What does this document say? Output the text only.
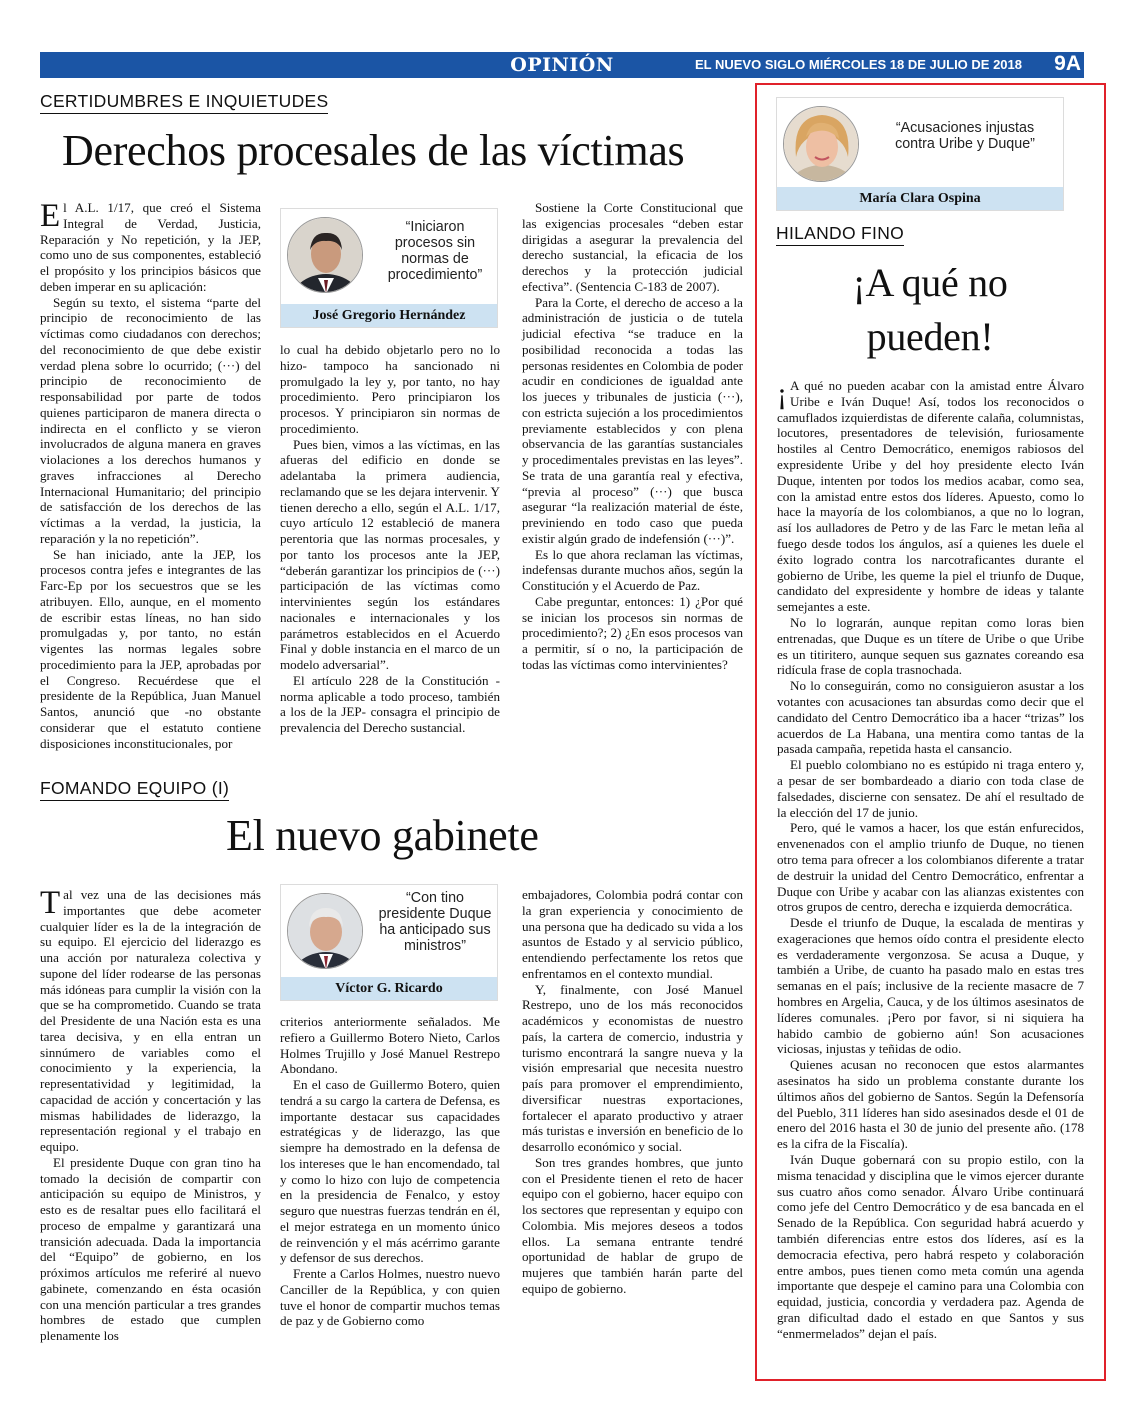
OPINIÓN	EL NUEVO SIGLO MIÉRCOLES 18 DE JULIO DE 2018 9A
CERTIDUMBRES E INQUIETUDES
Derechos procesales de las víctimas

El A.L. 1/17, que creó el Sistema Integral de Verdad, Justicia, Reparación y No repetición, y la JEP, como uno de sus componentes, estableció el propósito y los principios básicos que deben imperar en su aplicación:

Según su texto, el sistema “parte del principio de reconocimiento de las víctimas como ciudadanos con derechos; del reconocimiento de que debe existir verdad plena sobre lo ocurrido; (···) del principio de reconocimiento de responsabilidad por parte de todos quienes participaron de manera directa o indirecta en el conflicto y se vieron involucrados de alguna manera en graves violaciones a los derechos humanos y graves infracciones al Derecho Internacional Humanitario; del principio de satisfacción de los derechos de las víctimas a la verdad, la justicia, la reparación y la no repetición”.

Se han iniciado, ante la JEP, los procesos contra jefes e integrantes de las Farc-Ep por los secuestros que se les atribuyen. Ello, aunque, en el momento de escribir estas líneas, no han sido promulgadas y, por tanto, no están vigentes las normas legales sobre procedimiento para la JEP, aprobadas por el Congreso. Recuérdese que el presidente de la República, Juan Manuel Santos, anunció que -no obstante considerar que el estatuto contiene disposiciones inconstitucionales, por

“Iniciaron procesos sin normas de procedimiento”
José Gregorio Hernández

lo cual ha debido objetarlo pero no lo hizo- tampoco ha sancionado ni promulgado la ley y, por tanto, no hay procedimiento. Pero principiaron los procesos. Y principiaron sin normas de procedimiento.

Pues bien, vimos a las víctimas, en las afueras del edificio en donde se adelantaba la primera audiencia, reclamando que se les dejara intervenir. Y tienen derecho a ello, según el A.L. 1/17, cuyo artículo 12 estableció de manera perentoria que las normas procesales, y por tanto los procesos ante la JEP, “deberán garantizar los principios de (···) participación de las víctimas como intervinientes según los estándares nacionales e internacionales y los parámetros establecidos en el Acuerdo Final y doble instancia en el marco de un modelo adversarial”.

El artículo 228 de la Constitución -norma aplicable a todo proceso, también a los de la JEP- consagra el principio de prevalencia del Derecho sustancial.

Sostiene la Corte Constitucional que las exigencias procesales “deben estar dirigidas a asegurar la prevalencia del derecho sustancial, la eficacia de los derechos y la protección judicial efectiva”. (Sentencia C-183 de 2007).

Para la Corte, el derecho de acceso a la administración de justicia o de tutela judicial efectiva “se traduce en la posibilidad reconocida a todas las personas residentes en Colombia de poder acudir en condiciones de igualdad ante los jueces y tribunales de justicia (···), con estricta sujeción a los procedimientos previamente establecidos y con plena observancia de las garantías sustanciales y procedimentales previstas en las leyes”. Se trata de una garantía real y efectiva, “previa al proceso” (···) que busca asegurar “la realización material de éste, previniendo en todo caso que pueda existir algún grado de indefensión (···)”.

Es lo que ahora reclaman las víctimas, indefensas durante muchos años, según la Constitución y el Acuerdo de Paz.

Cabe preguntar, entonces: 1) ¿Por qué se inician los procesos sin normas de procedimiento?; 2) ¿En esos procesos van a permitir, sí o no, la participación de todas las víctimas como intervinientes?

FOMANDO EQUIPO (I)
El nuevo gabinete

Tal vez una de las decisiones más importantes que debe acometer cualquier líder es la de la integración de su equipo. El ejercicio del liderazgo es una acción por naturaleza colectiva y supone del líder rodearse de las personas más idóneas para cumplir la visión con la que se ha comprometido. Cuando se trata del Presidente de una Nación esta es una tarea decisiva, y en ella entran un sinnúmero de variables como el conocimiento y la experiencia, la representatividad y legitimidad, la capacidad de acción y concertación y las mismas habilidades de liderazgo, la representación regional y el trabajo en equipo.

El presidente Duque con gran tino ha tomado la decisión de compartir con anticipación su equipo de Ministros, y esto es de resaltar pues ello facilitará el proceso de empalme y garantizará una transición adecuada. Dada la importancia del “Equipo” de gobierno, en los próximos artículos me referiré al nuevo gabinete, comenzando en ésta ocasión con una mención particular a tres grandes hombres de estado que cumplen plenamente los

“Con tino presidente Duque ha anticipado sus ministros”
Víctor G. Ricardo

criterios anteriormente señalados. Me refiero a Guillermo Botero Nieto, Carlos Holmes Trujillo y José Manuel Restrepo Abondano.

En el caso de Guillermo Botero, quien tendrá a su cargo la cartera de Defensa, es importante destacar sus capacidades estratégicas y de liderazgo, las que siempre ha demostrado en la defensa de los intereses que le han encomendado, tal y como lo hizo con lujo de competencia en la presidencia de Fenalco, y estoy seguro que nuestras fuerzas tendrán en él, el mejor estratega en un momento único de reinvención y el más acérrimo garante y defensor de sus derechos.

Frente a Carlos Holmes, nuestro nuevo Canciller de la República, y con quien tuve el honor de compartir muchos temas de paz y de Gobierno como

embajadores, Colombia podrá contar con la gran experiencia y conocimiento de una persona que ha dedicado su vida a los asuntos de Estado y al servicio público, entendiendo perfectamente los retos que enfrentamos en el contexto mundial.

Y, finalmente, con José Manuel Restrepo, uno de los más reconocidos académicos y economistas de nuestro país, la cartera de comercio, industria y turismo encontrará la sangre nueva y la visión empresarial que necesita nuestro país para promover el emprendimiento, diversificar nuestras exportaciones, fortalecer el aparato productivo y atraer más turistas e inversión en beneficio de lo desarrollo económico y social.

Son tres grandes hombres, que junto con el Presidente tienen el reto de hacer equipo con el gobierno, hacer equipo con los sectores que representan y equipo con Colombia. Mis mejores deseos a todos ellos. La semana entrante tendré oportunidad de hablar de grupo de mujeres que también harán parte del equipo de gobierno.

“Acusaciones injustas contra Uribe y Duque”
María Clara Ospina
HILANDO FINO
¡A qué no pueden!

¡ A qué no pueden acabar con la amistad entre Álvaro Uribe e Iván Duque! Así, todos los reconocidos o camuflados izquierdistas de diferente calaña, columnistas, locutores, presentadores de televisión, furiosamente hostiles al Centro Democrático, enemigos rabiosos del expresidente Uribe y del hoy presidente electo Iván Duque, intenten por todos los medios acabar, como sea, con la amistad entre estos dos líderes. Apuesto, como lo hace la mayoría de los colombianos, a que no lo logran, así los aulladores de Petro y de las Farc le metan leña al fuego desde todos los ángulos, así a quienes les duele el éxito logrado contra los narcotraficantes durante el gobierno de Uribe, les queme la piel el triunfo de Duque, candidato del expresidente y hombre de ideas y talante semejantes a este.

No lo lograrán, aunque repitan como loras bien entrenadas, que Duque es un títere de Uribe o que Uribe es un titiritero, aunque sequen sus gaznates coreando esa ridícula frase de copla trasnochada.

No lo conseguirán, como no consiguieron asustar a los votantes con acusaciones tan absurdas como decir que el candidato del Centro Democrático iba a hacer “trizas” los acuerdos de La Habana, una mentira como tantas de la pasada campaña, repetida hasta el cansancio.

El pueblo colombiano no es estúpido ni traga entero y, a pesar de ser bombardeado a diario con toda clase de falsedades, discierne con sensatez. De ahí el resultado de la elección del 17 de junio.

Pero, qué le vamos a hacer, los que están enfurecidos, envenenados con el amplio triunfo de Duque, no tienen otro tema para ofrecer a los colombianos diferente a tratar de destruir la unidad del Centro Democrático, enfrentar a Duque con Uribe y acabar con las alianzas existentes con otros grupos de centro, derecha e izquierda democrática.

Desde el triunfo de Duque, la escalada de mentiras y exageraciones que hemos oído contra el presidente electo es verdaderamente vergonzosa. Se acusa a Duque, y también a Uribe, de cuanto ha pasado malo en estas tres semanas en el país; inclusive de la reciente masacre de 7 hombres en Argelia, Cauca, y de los últimos asesinatos de líderes comunales. ¡Pero por favor, si ni siquiera ha habido cambio de gobierno aún! Son acusaciones viciosas, injustas y teñidas de odio.

Quienes acusan no reconocen que estos alarmantes asesinatos ha sido un problema constante durante los últimos años del gobierno de Santos. Según la Defensoría del Pueblo, 311 líderes han sido asesinados desde el 01 de enero del 2016 hasta el 30 de junio del presente año. (178 es la cifra de la Fiscalía).

Iván Duque gobernará con su propio estilo, con la misma tenacidad y disciplina que le vimos ejercer durante sus cuatro años como senador. Álvaro Uribe continuará como jefe del Centro Democrático y de esa bancada en el Senado de la República. Con seguridad habrá acuerdo y también diferencias entre estos dos líderes, así es la democracia efectiva, pero habrá respeto y colaboración entre ambos, pues tienen como meta común una agenda importante que despeje el camino para una Colombia con equidad, justicia, concordia y verdadera paz. Agenda de gran dificultad dado el estado en que Santos y sus “enmermelados” dejan el país.
